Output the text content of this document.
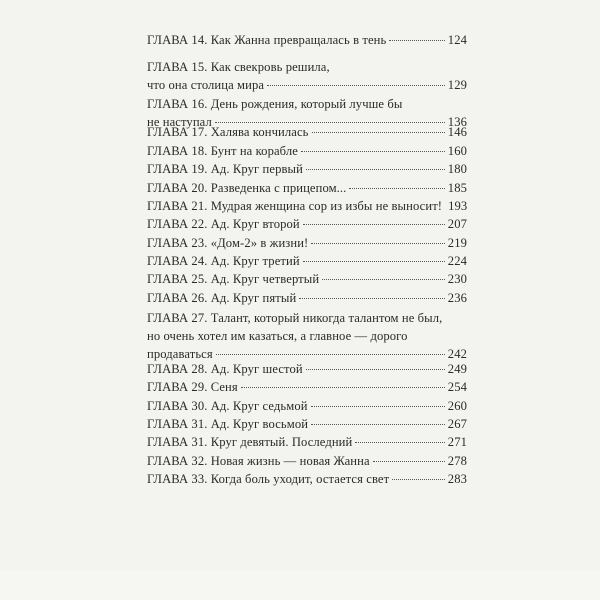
ГЛАВА 14. Как Жанна превращалась в тень	124
ГЛАВА 15. Как свекровь решила,
что она столица мира	129
ГЛАВА 16. День рождения, который лучше бы
не наступал	136
ГЛАВА 17. Халява кончилась	146
ГЛАВА 18. Бунт на корабле	160
ГЛАВА 19. Ад. Круг первый	180
ГЛАВА 20. Разведенка с прицепом...	185
ГЛАВА 21. Мудрая женщина сор из избы не выносит! 193
ГЛАВА 22. Ад. Круг второй	207
ГЛАВА 23. «Дом-2» в жизни!	219
ГЛАВА 24. Ад. Круг третий	224
ГЛАВА 25. Ад. Круг четвертый	230
ГЛАВА 26. Ад. Круг пятый	236
ГЛАВА 27. Талант, который никогда талантом не был,
но очень хотел им казаться, а главное — дорого
продаваться	242
ГЛАВА 28. Ад. Круг шестой	249
ГЛАВА 29. Сеня	254
ГЛАВА 30. Ад. Круг седьмой	260
ГЛАВА 31. Ад. Круг восьмой	267
ГЛАВА 31. Круг девятый. Последний	271
ГЛАВА 32. Новая жизнь — новая Жанна	278
ГЛАВА 33. Когда боль уходит, остается свет	283
